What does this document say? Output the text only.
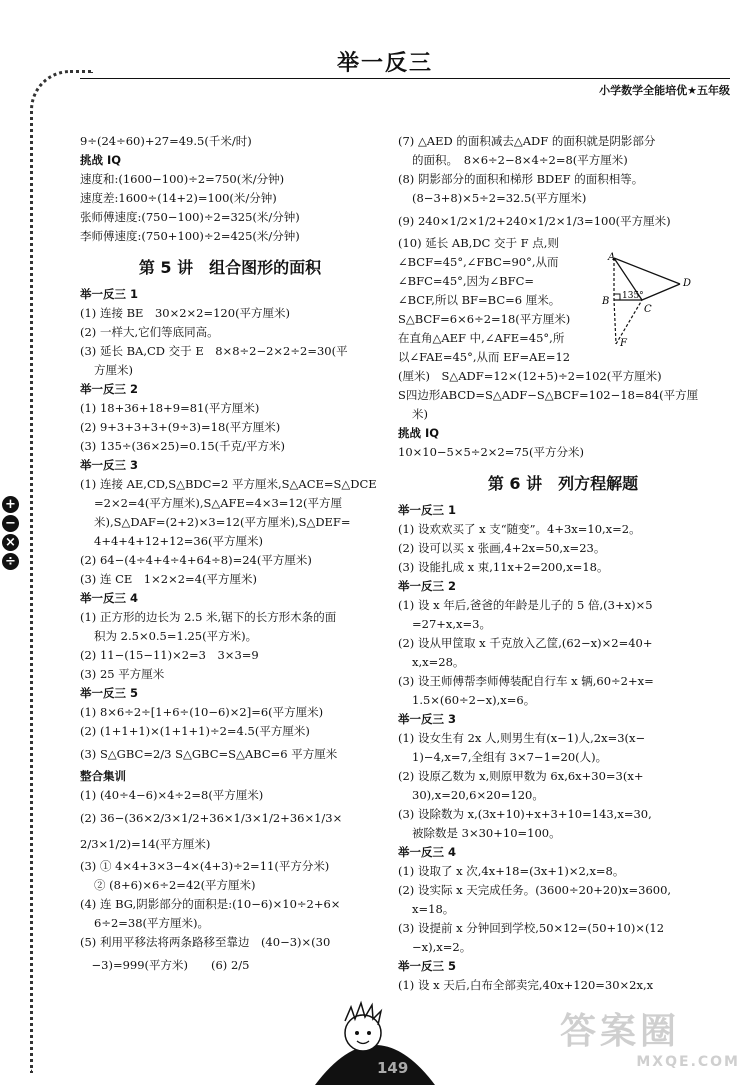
举一反三
小学数学全能培优★五年级
+
−
×
÷
9÷(24÷60)+27=49.5(千米/时)
挑战 IQ
速度和:(1600−100)÷2=750(米/分钟)
速度差:1600÷(14+2)=100(米/分钟)
张师傅速度:(750−100)÷2=325(米/分钟)
李师傅速度:(750+100)÷2=425(米/分钟)
第 5 讲　组合图形的面积
举一反三 1
(1) 连接 BE　30×2×2=120(平方厘米)
(2) 一样大,它们等底同高。
(3) 延长 BA,CD 交于 E　8×8÷2−2×2÷2=30(平
方厘米)
举一反三 2
(1) 18+36+18+9=81(平方厘米)
(2) 9+3+3+3+(9÷3)=18(平方厘米)
(3) 135÷(36×25)=0.15(千克/平方米)
举一反三 3
(1) 连接 AE,CD,S△BDC=2 平方厘米,S△ACE=S△DCE
=2×2=4(平方厘米),S△AFE=4×3=12(平方厘
米),S△DAF=(2+2)×3=12(平方厘米),S△DEF=
4+4+4+12+12=36(平方厘米)
(2) 64−(4÷4+4÷4+64÷8)=24(平方厘米)
(3) 连 CE　1×2×2=4(平方厘米)
举一反三 4
(1) 正方形的边长为 2.5 米,锯下的长方形木条的面
积为 2.5×0.5=1.25(平方米)。
(2) 11−(15−11)×2=3　3×3=9
(3) 25 平方厘米
举一反三 5
(1) 8×6÷2÷[1+6÷(10−6)×2]=6(平方厘米)
(2) (1+1+1)×(1+1+1)÷2=4.5(平方厘米)
(3) S△GBC=2/3 S△GBC=S△ABC=6 平方厘米
整合集训
(1) (40÷4−6)×4÷2=8(平方厘米)
(2) 36−(36×2/3×1/2+36×1/3×1/2+36×1/3×
2/3×1/2)=14(平方厘米)
(3) ① 4×4+3×3−4×(4+3)÷2=11(平方分米)
② (8+6)×6÷2=42(平方厘米)
(4) 连 BG,阴影部分的面积是:(10−6)×10÷2+6×
6÷2=38(平方厘米)。
(5) 利用平移法将两条路移至靠边　(40−3)×(30
　−3)=999(平方米)　　(6) 2/5
(7) △AED 的面积减去△ADF 的面积就是阴影部分
的面积。　8×6÷2−8×4÷2=8(平方厘米)
(8) 阴影部分的面积和梯形 BDEF 的面积相等。
(8−3+8)×5÷2=32.5(平方厘米)
(9) 240×1/2×1/2+240×1/2×1/3=100(平方厘米)
(10) 延长 AB,DC 交于 F 点,则
∠BCF=45°,∠FBC=90°,从而
∠BFC=45°,因为∠BFC=
∠BCF,所以 BF=BC=6 厘米。
S△BCF=6×6÷2=18(平方厘米)
在直角△AEF 中,∠AFE=45°,所
以∠FAE=45°,从而 EF=AE=12
(厘米)　S△ADF=12×(12+5)÷2=102(平方厘米)
S四边形ABCD=S△ADF−S△BCF=102−18=84(平方厘
米)
挑战 IQ
10×10−5×5÷2×2=75(平方分米)
第 6 讲　列方程解题
举一反三 1
(1) 设欢欢买了 x 支“随变”。4+3x=10,x=2。
(2) 设可以买 x 张画,4+2x=50,x=23。
(3) 设能扎成 x 束,11x+2=200,x=18。
举一反三 2
(1) 设 x 年后,爸爸的年龄是儿子的 5 倍,(3+x)×5
=27+x,x=3。
(2) 设从甲筐取 x 千克放入乙筐,(62−x)×2=40+
x,x=28。
(3) 设王师傅帮李师傅装配自行车 x 辆,60÷2+x=
1.5×(60÷2−x),x=6。
举一反三 3
(1) 设女生有 2x 人,则男生有(x−1)人,2x=3(x−
1)−4,x=7,全组有 3×7−1=20(人)。
(2) 设原乙数为 x,则原甲数为 6x,6x+30=3(x+
30),x=20,6×20=120。
(3) 设除数为 x,(3x+10)+x+3+10=143,x=30,
被除数是 3×30+10=100。
举一反三 4
(1) 设取了 x 次,4x+18=(3x+1)×2,x=8。
(2) 设实际 x 天完成任务。(3600÷20+20)x=3600,
x=18。
(3) 设提前 x 分钟回到学校,50×12=(50+10)×(12
−x),x=2。
举一反三 5
(1) 设 x 天后,白布全部卖完,40x+120=30×2x,x
A
B
C
D
F
135°
149
答案圈
MXQE.COM
